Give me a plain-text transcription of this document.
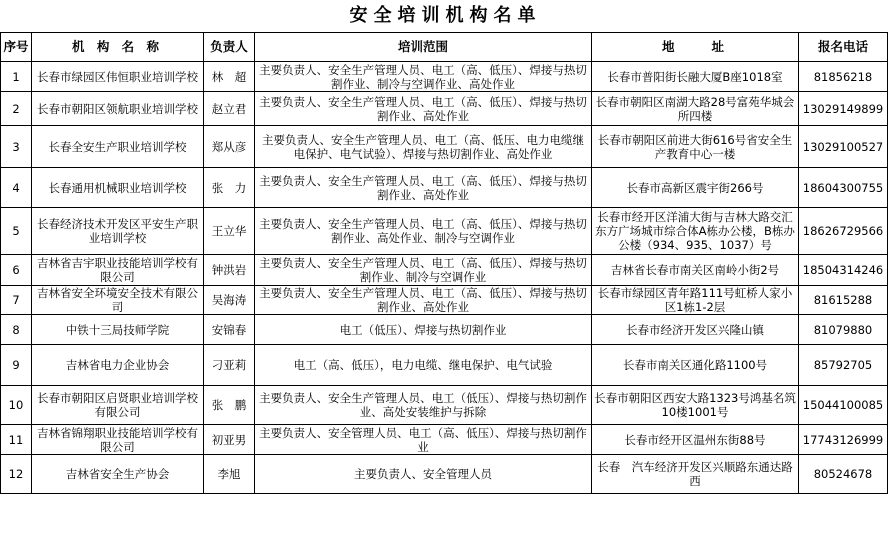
安全培训机构名单
序号	机 构 名 称	负责人	培训范围	地　　址	报名电话
1	长春市绿园区伟恒职业培训学校	林　超	主要负责人、安全生产管理人员、电工（高、低压）、焊接与热切割作业、制冷与空调作业、高处作业	长春市普阳街长融大厦B座1018室	81856218
2	长春市朝阳区领航职业培训学校	赵立君	主要负责人、安全生产管理人员、电工（高、低压）、焊接与热切割作业、高处作业	长春市朝阳区南湖大路28号富苑华城会所四楼	13029149899
3	长春全安生产职业培训学校	郑从彦	主要负责人、安全生产管理人员、电工（高、低压、电力电缆继电保护、电气试验）、焊接与热切割作业、高处作业	长春市朝阳区前进大街616号省安全生产教育中心一楼	13029100527
4	长春通用机械职业培训学校	张　力	主要负责人、安全生产管理人员、电工（高、低压）、焊接与热切割作业、高处作业	长春市高新区震宇街266号	18604300755
5	长春经济技术开发区平安生产职业培训学校	王立华	主要负责人、安全生产管理人员、电工（高、低压）、焊接与热切割作业、高处作业、制冷与空调作业	长春市经开区洋浦大街与吉林大路交汇东方广场城市综合体A栋办公楼，B栋办公楼（934、935、1037）号	18626729566
6	吉林省吉宇职业技能培训学校有限公司	钟洪岩	主要负责人、安全生产管理人员、电工（高、低压）、焊接与热切割作业、制冷与空调作业	吉林省长春市南关区南岭小街2号	18504314246
7	吉林省安全环境安全技术有限公司	吴海涛	主要负责人、安全生产管理人员、电工（高、低压）、焊接与热切割作业、高处作业	长春市绿园区青年路111号虹桥人家小区1栋1-2层	81615288
8	中铁十三局技师学院	安锦春	电工（低压）、焊接与热切割作业	长春市经济开发区兴隆山镇	81079880
9	吉林省电力企业协会	刁亚莉	电工（高、低压），电力电缆、继电保护、电气试验	长春市南关区通化路1100号	85792705
10	长春市朝阳区启贤职业培训学校有限公司	张　鹏	主要负责人、安全生产管理人员、电工（低压）、焊接与热切割作业、高处安装维护与拆除	长春市朝阳区西安大路1323号鸿基名筑10楼1001号	15044100085
11	吉林省锦翔职业技能培训学校有限公司	初亚男	主要负责人、安全管理人员、电工（高、低压）、焊接与热切割作业	长春市经开区温州东街88号	17743126999
12	吉林省安全生产协会	李旭	主要负责人、安全管理人员	长春　汽车经济开发区兴顺路东通达路西	80524678
